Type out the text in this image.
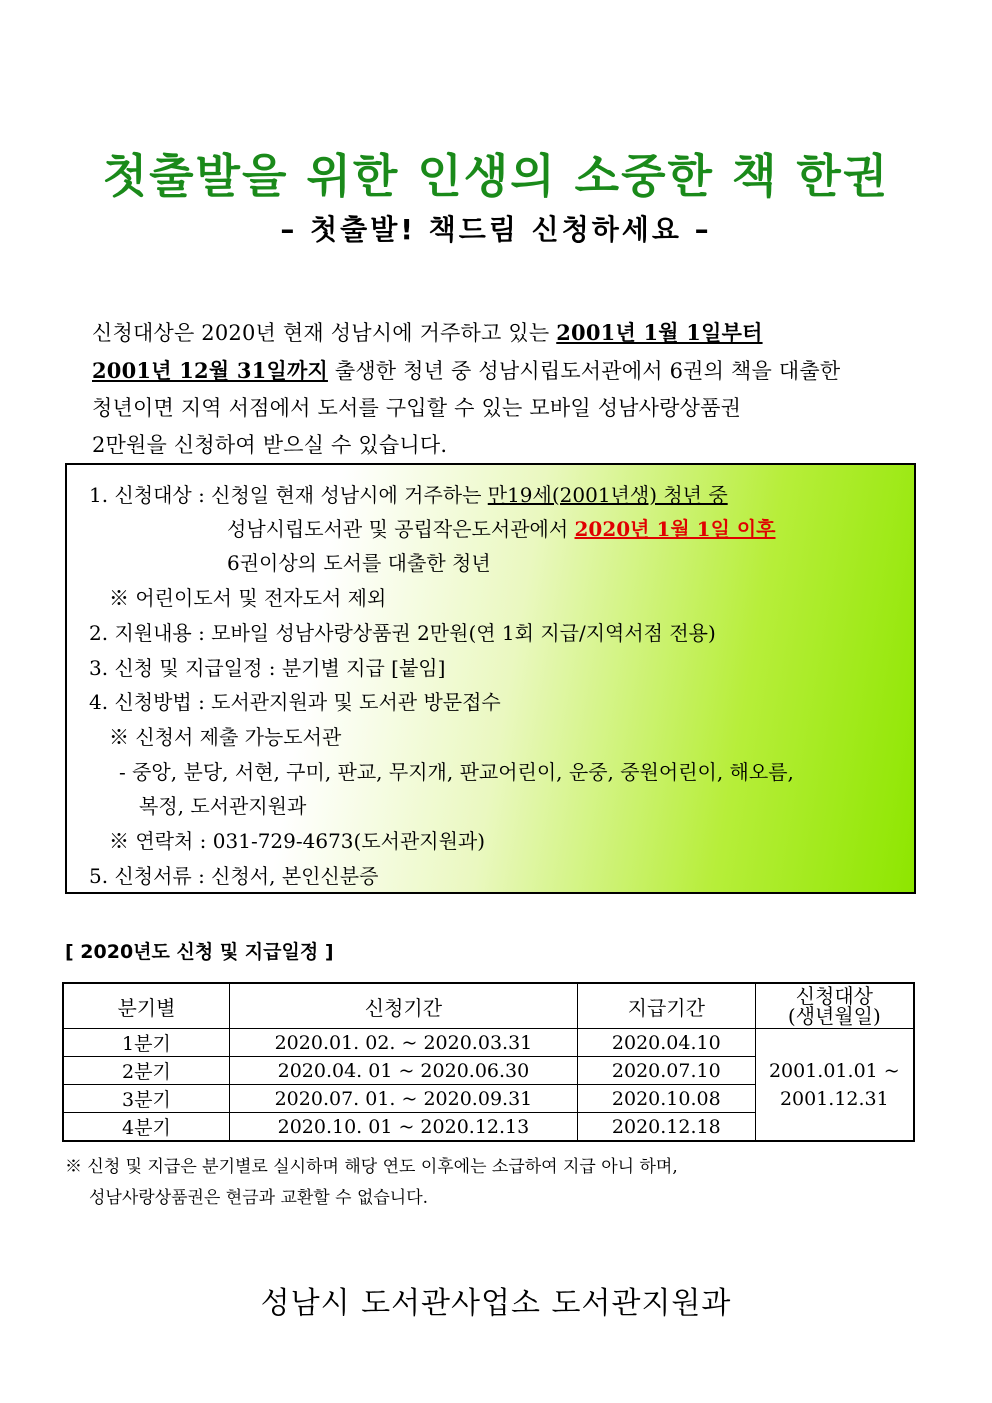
첫출발을 위한 인생의 소중한 책 한권
– 첫출발! 책드림 신청하세요 –

신청대상은 2020년 현재 성남시에 거주하고 있는 2001년 1월 1일부터

2001년 12월 31일까지 출생한 청년 중 성남시립도서관에서 6권의 책을 대출한

청년이면 지역 서점에서 도서를 구입할 수 있는 모바일 성남사랑상품권

2만원을 신청하여 받으실 수 있습니다.

1. 신청대상 : 신청일 현재 성남시에 거주하는 만19세(2001년생) 청년 중
성남시립도서관 및 공립작은도서관에서 2020년 1월 1일 이후
6권이상의 도서를 대출한 청년
※ 어린이도서 및 전자도서 제외
2. 지원내용 : 모바일 성남사랑상품권 2만원(연 1회 지급/지역서점 전용)
3. 신청 및 지급일정 : 분기별 지급 [붙임]
4. 신청방법 : 도서관지원과 및 도서관 방문접수
※ 신청서 제출 가능도서관
- 중앙, 분당, 서현, 구미, 판교, 무지개, 판교어린이, 운중, 중원어린이, 해오름,
복정, 도서관지원과
※ 연락처 : 031-729-4673(도서관지원과)
5. 신청서류 : 신청서, 본인신분증
[ 2020년도 신청 및 지급일정 ]
분기별	신청기간	지급기간	신청대상
(생년월일)

1분기	2020.01. 02. ~ 2020.03.31	2020.04.10	2001.01.01 ~
2001.12.31

2분기	2020.04. 01 ~ 2020.06.30	2020.07.10	
3분기	2020.07. 01. ~ 2020.09.31	2020.10.08	
4분기	2020.10. 01 ~ 2020.12.13	2020.12.18	

※ 신청 및 지급은 분기별로 실시하며 해당 연도 이후에는 소급하여 지급 아니 하며,

성남사랑상품권은 현금과 교환할 수 없습니다.

성남시 도서관사업소 도서관지원과
